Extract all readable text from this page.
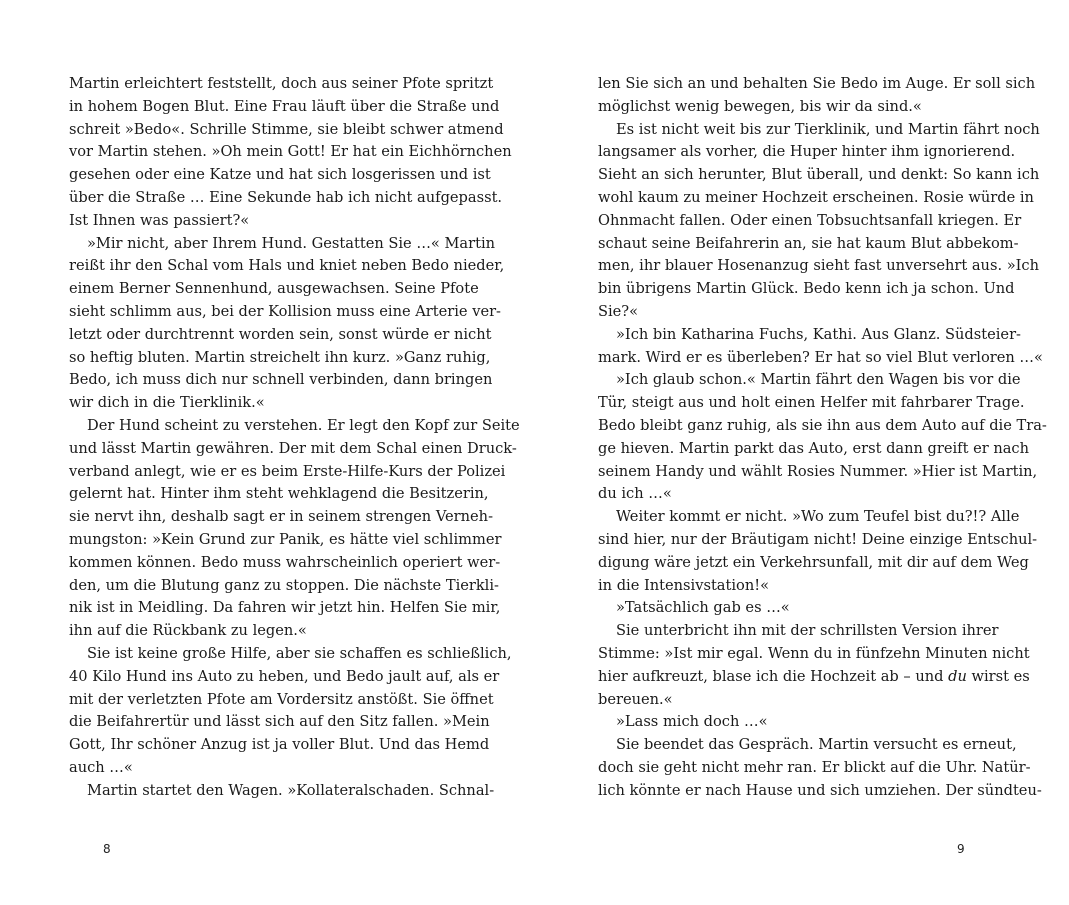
Martin erleichtert feststellt, doch aus seiner Pfote spritzt
in hohem Bogen Blut. Eine Frau läuft über die Straße und
schreit »Bedo«. Schrille Stimme, sie bleibt schwer atmend
vor Martin stehen. »Oh mein Gott! Er hat ein Eichhörnchen
gesehen oder eine Katze und hat sich losgerissen und ist
über die Straße … Eine Sekunde hab ich nicht aufgepasst.
Ist Ihnen was passiert?«
»Mir nicht, aber Ihrem Hund. Gestatten Sie …« Martin
reißt ihr den Schal vom Hals und kniet neben Bedo nieder,
einem Berner Sennenhund, ausgewachsen. Seine Pfote
sieht schlimm aus, bei der Kollision muss eine Arterie ver-
letzt oder durchtrennt worden sein, sonst würde er nicht
so heftig bluten. Martin streichelt ihn kurz. »Ganz ruhig,
Bedo, ich muss dich nur schnell verbinden, dann bringen
wir dich in die Tierklinik.«
Der Hund scheint zu verstehen. Er legt den Kopf zur Seite
und lässt Martin gewähren. Der mit dem Schal einen Druck-
verband anlegt, wie er es beim Erste-Hilfe-Kurs der Polizei
gelernt hat. Hinter ihm steht wehklagend die Besitzerin,
sie nervt ihn, deshalb sagt er in seinem strengen Verneh-
mungston: »Kein Grund zur Panik, es hätte viel schlimmer
kommen können. Bedo muss wahrscheinlich operiert wer-
den, um die Blutung ganz zu stoppen. Die nächste Tierkli-
nik ist in Meidling. Da fahren wir jetzt hin. Helfen Sie mir,
ihn auf die Rückbank zu legen.«
Sie ist keine große Hilfe, aber sie schaffen es schließlich,
40 Kilo Hund ins Auto zu heben, und Bedo jault auf, als er
mit der verletzten Pfote am Vordersitz anstößt. Sie öffnet
die Beifahrertür und lässt sich auf den Sitz fallen. »Mein
Gott, Ihr schöner Anzug ist ja voller Blut. Und das Hemd
auch …«
Martin startet den Wagen. »Kollateralschaden. Schnal-
len Sie sich an und behalten Sie Bedo im Auge. Er soll sich
möglichst wenig bewegen, bis wir da sind.«
Es ist nicht weit bis zur Tierklinik, und Martin fährt noch
langsamer als vorher, die Huper hinter ihm ignorierend.
Sieht an sich herunter, Blut überall, und denkt: So kann ich
wohl kaum zu meiner Hochzeit erscheinen. Rosie würde in
Ohnmacht fallen. Oder einen Tobsuchtsanfall kriegen. Er
schaut seine Beifahrerin an, sie hat kaum Blut abbekom-
men, ihr blauer Hosenanzug sieht fast unversehrt aus. »Ich
bin übrigens Martin Glück. Bedo kenn ich ja schon. Und
Sie?«
»Ich bin Katharina Fuchs, Kathi. Aus Glanz. Südsteier-
mark. Wird er es überleben? Er hat so viel Blut verloren …«
»Ich glaub schon.« Martin fährt den Wagen bis vor die
Tür, steigt aus und holt einen Helfer mit fahrbarer Trage.
Bedo bleibt ganz ruhig, als sie ihn aus dem Auto auf die Tra-
ge hieven. Martin parkt das Auto, erst dann greift er nach
seinem Handy und wählt Rosies Nummer. »Hier ist Martin,
du ich …«
Weiter kommt er nicht. »Wo zum Teufel bist du?!? Alle
sind hier, nur der Bräutigam nicht! Deine einzige Entschul-
digung wäre jetzt ein Verkehrsunfall, mit dir auf dem Weg
in die Intensivstation!«
»Tatsächlich gab es …«
Sie unterbricht ihn mit der schrillsten Version ihrer
Stimme: »Ist mir egal. Wenn du in fünfzehn Minuten nicht
hier aufkreuzt, blase ich die Hochzeit ab – und du wirst es
bereuen.«
»Lass mich doch …«
Sie beendet das Gespräch. Martin versucht es erneut,
doch sie geht nicht mehr ran. Er blickt auf die Uhr. Natür-
lich könnte er nach Hause und sich umziehen. Der sündteu-
8	9
